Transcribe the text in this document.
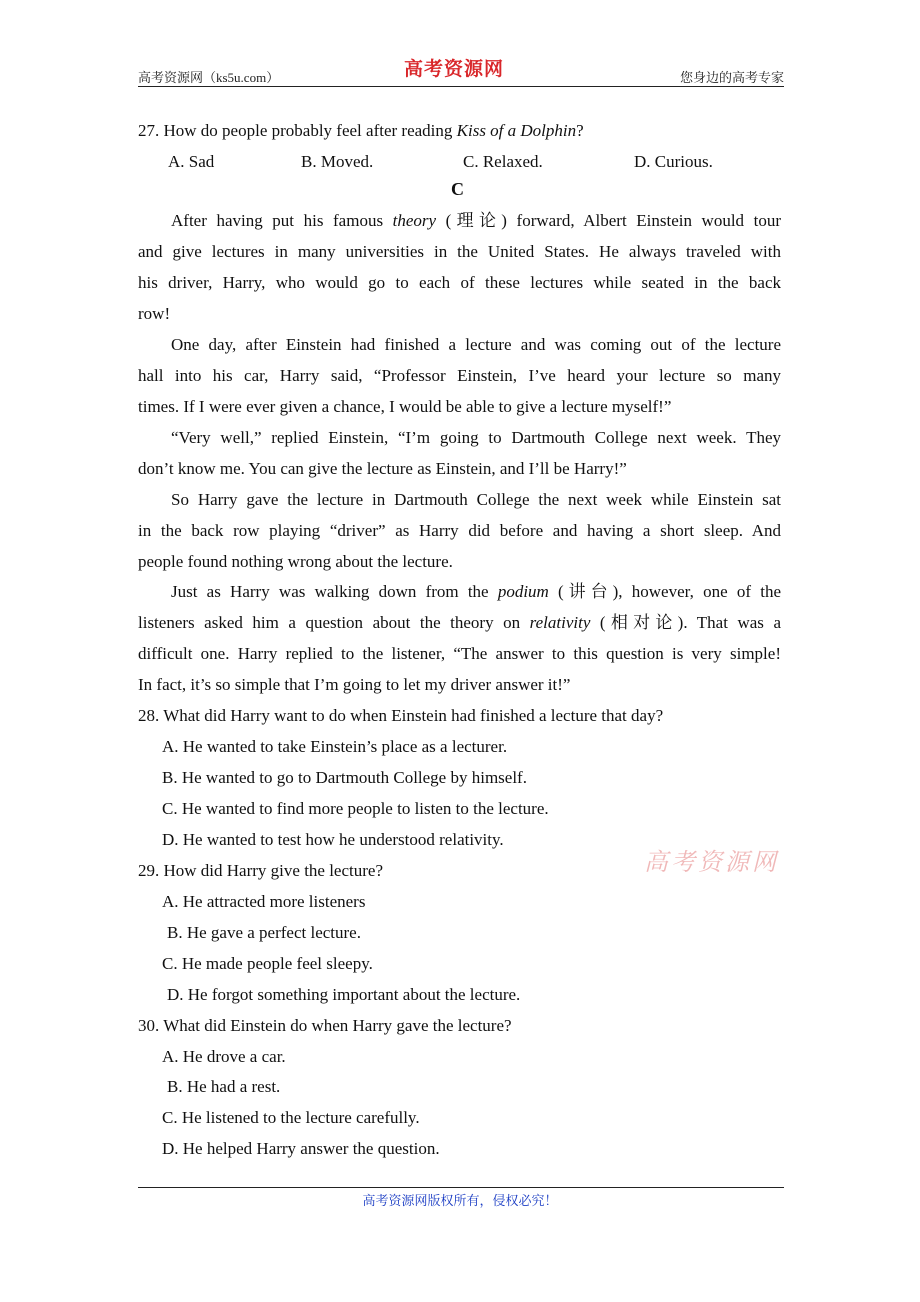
高考资源网（ks5u.com）	您身边的高考专家
高考资源网
27. How do people probably feel after reading Kiss of a Dolphin?
A. Sad	B. Moved.	C. Relaxed.	D. Curious.
C
After having put his famous theory (理论) forward, Albert Einstein would tour
and give lectures in many universities in the United States. He always traveled with
his driver, Harry, who would go to each of these lectures while seated in the back
row!
One day, after Einstein had finished a lecture and was coming out of the lecture
hall into his car, Harry said, “Professor Einstein, I’ve heard your lecture so many
times. If I were ever given a chance, I would be able to give a lecture myself!”
“Very well,” replied Einstein, “I’m going to Dartmouth College next week. They
don’t know me. You can give the lecture as Einstein, and I’ll be Harry!”
So Harry gave the lecture in Dartmouth College the next week while Einstein sat
in the back row playing “driver” as Harry did before and having a short sleep. And
people found nothing wrong about the lecture.
Just as Harry was walking down from the podium (讲台), however, one of the
listeners asked him a question about the theory on relativity (相对论). That was a
difficult one. Harry replied to the listener, “The answer to this question is very simple!
In fact, it’s so simple that I’m going to let my driver answer it!”
28. What did Harry want to do when Einstein had finished a lecture that day?
A. He wanted to take Einstein’s place as a lecturer.
B. He wanted to go to Dartmouth College by himself.
C. He wanted to find more people to listen to the lecture.
D. He wanted to test how he understood relativity.
高考资源网
29. How did Harry give the lecture?
A. He attracted more listeners
B. He gave a perfect lecture.
C. He made people feel sleepy.
D. He forgot something important about the lecture.
30. What did Einstein do when Harry gave the lecture?
A. He drove a car.
B. He had a rest.
C. He listened to the lecture carefully.
D. He helped Harry answer the question.
高考资源网版权所有，侵权必究！
